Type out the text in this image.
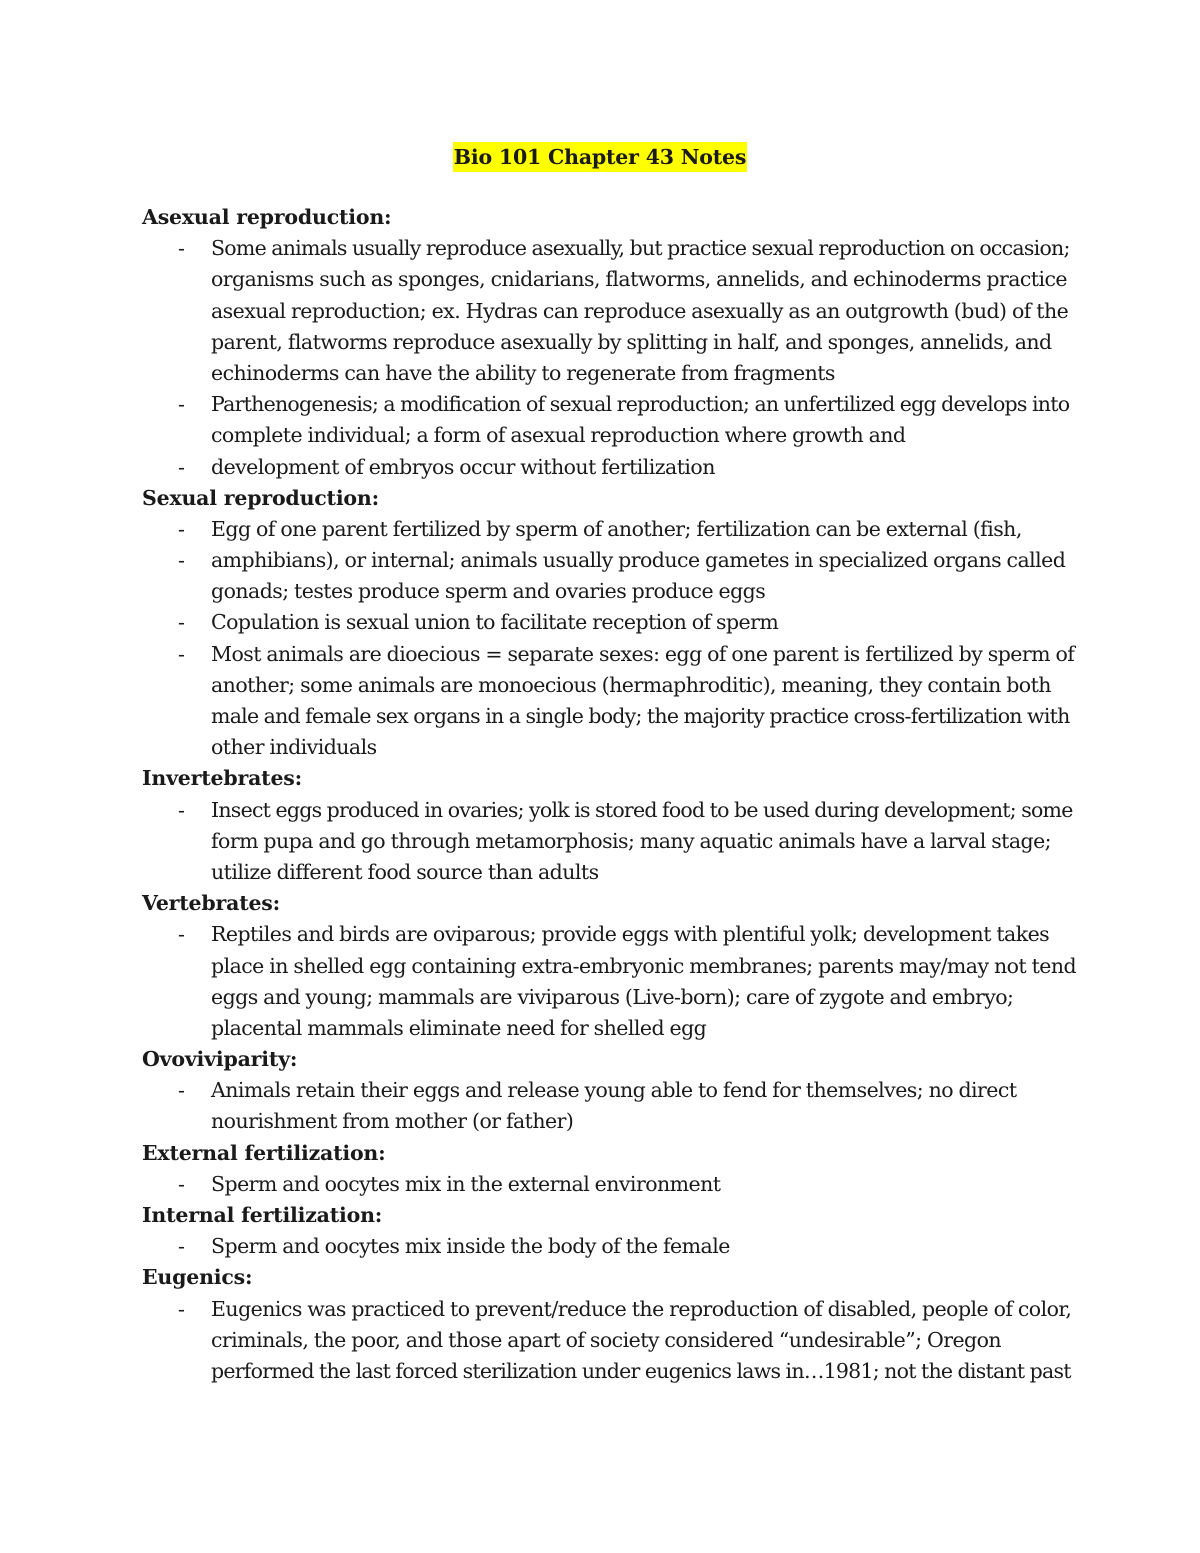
Bio 101 Chapter 43 Notes
Asexual reproduction:
- Some animals usually reproduce asexually, but practice sexual reproduction on occasion;
organisms such as sponges, cnidarians, flatworms, annelids, and echinoderms practice
asexual reproduction; ex. Hydras can reproduce asexually as an outgrowth (bud) of the
parent, flatworms reproduce asexually by splitting in half, and sponges, annelids, and
echinoderms can have the ability to regenerate from fragments
- Parthenogenesis; a modification of sexual reproduction; an unfertilized egg develops into
complete individual; a form of asexual reproduction where growth and
- development of embryos occur without fertilization
Sexual reproduction:
- Egg of one parent fertilized by sperm of another; fertilization can be external (fish,
- amphibians), or internal; animals usually produce gametes in specialized organs called
gonads; testes produce sperm and ovaries produce eggs
- Copulation is sexual union to facilitate reception of sperm
- Most animals are dioecious = separate sexes: egg of one parent is fertilized by sperm of
another; some animals are monoecious (hermaphroditic), meaning, they contain both
male and female sex organs in a single body; the majority practice cross-fertilization with
other individuals
Invertebrates:
- Insect eggs produced in ovaries; yolk is stored food to be used during development; some
form pupa and go through metamorphosis; many aquatic animals have a larval stage;
utilize different food source than adults
Vertebrates:
- Reptiles and birds are oviparous; provide eggs with plentiful yolk; development takes
place in shelled egg containing extra-embryonic membranes; parents may/may not tend
eggs and young; mammals are viviparous (Live-born); care of zygote and embryo;
placental mammals eliminate need for shelled egg
Ovoviviparity:
- Animals retain their eggs and release young able to fend for themselves; no direct
nourishment from mother (or father)
External fertilization:
- Sperm and oocytes mix in the external environment
Internal fertilization:
- Sperm and oocytes mix inside the body of the female
Eugenics:
- Eugenics was practiced to prevent/reduce the reproduction of disabled, people of color,
criminals, the poor, and those apart of society considered “undesirable”; Oregon
performed the last forced sterilization under eugenics laws in…1981; not the distant past
